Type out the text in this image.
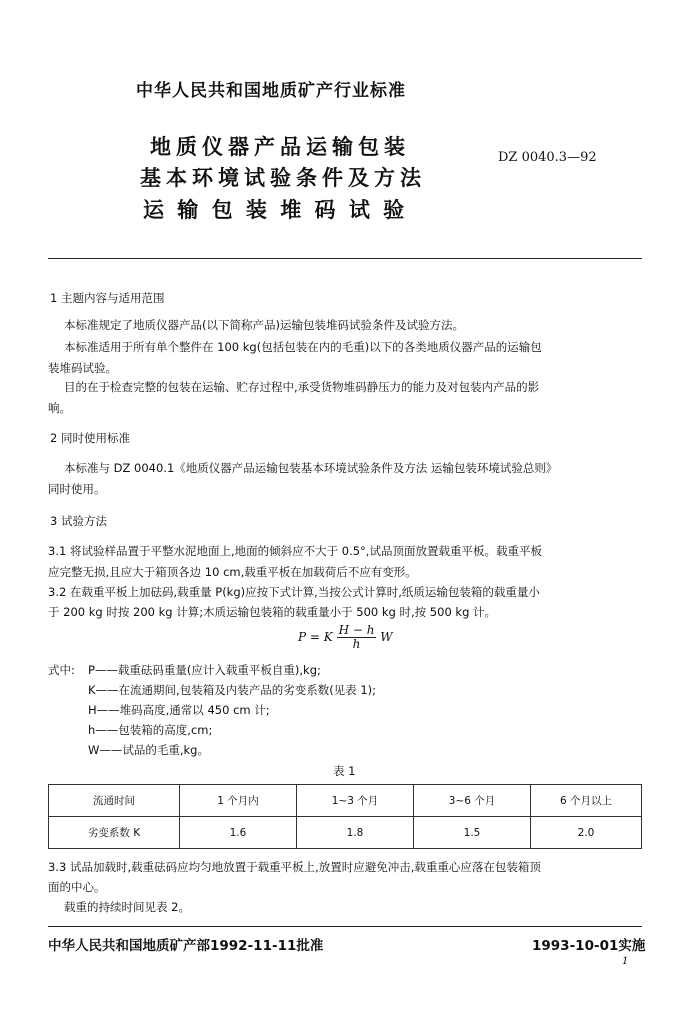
中华人民共和国地质矿产行业标准
地质仪器产品运输包装
基本环境试验条件及方法
运 输 包 装 堆 码 试 验
DZ 0040.3—92
1 主题内容与适用范围
本标准规定了地质仪器产品(以下简称产品)运输包装堆码试验条件及试验方法。
本标准适用于所有单个整件在 100 kg(包括包装在内的毛重)以下的各类地质仪器产品的运输包
装堆码试验。
目的在于检查完整的包装在运输、贮存过程中,承受货物堆码静压力的能力及对包装内产品的影
响。
2 同时使用标准
本标准与 DZ 0040.1《地质仪器产品运输包装基本环境试验条件及方法 运输包装环境试验总则》
同时使用。
3 试验方法
3.1 将试验样品置于平整水泥地面上,地面的倾斜应不大于 0.5°,试品顶面放置载重平板。载重平板
应完整无损,且应大于箱顶各边 10 cm,载重平板在加载荷后不应有变形。
3.2 在载重平板上加砝码,载重量 P(kg)应按下式计算,当按公式计算时,纸质运输包装箱的载重量小
于 200 kg 时按 200 kg 计算;木质运输包装箱的载重量小于 500 kg 时,按 500 kg 计。
P = K $\frac{H - h}{h}$ W
式中: P——载重砝码重量(应计入载重平板自重),kg;
K——在流通期间,包装箱及内装产品的劣变系数(见表 1);
H——堆码高度,通常以 450 cm 计;
h——包装箱的高度,cm;
W——试品的毛重,kg。
表 1
流通时间	1 个月内	1~3 个月	3~6 个月	6 个月以上
劣变系数 K	1.6	1.8	1.5	2.0
3.3 试品加载时,载重砝码应均匀地放置于载重平板上,放置时应避免冲击,载重重心应落在包装箱顶
面的中心。
载重的持续时间见表 2。
中华人民共和国地质矿产部1992-11-11批准	1993-10-01实施
1
